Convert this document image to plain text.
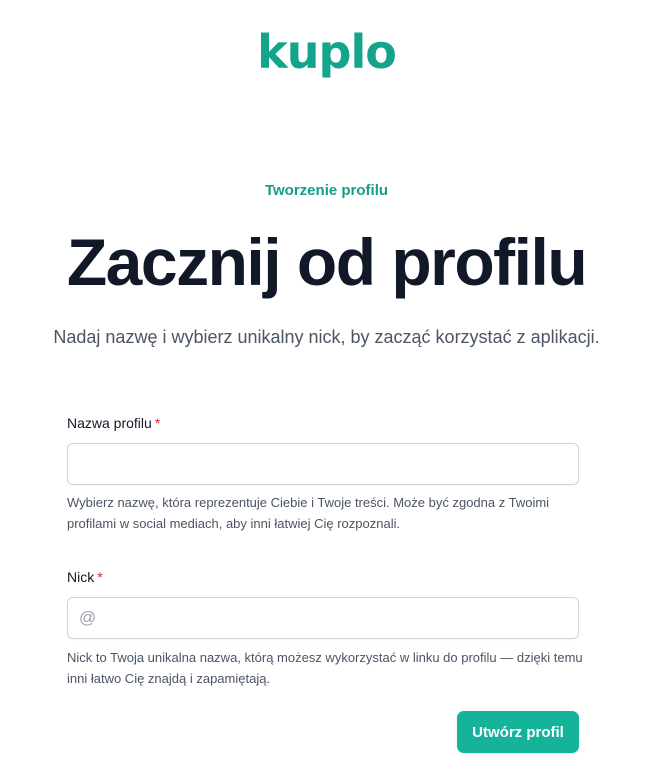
kuplo
Tworzenie profilu
Zacznij od profilu
Nadaj nazwę i wybierz unikalny nick, by zacząć korzystać z aplikacji.
Nazwa profilu *
Wybierz nazwę, która reprezentuje Ciebie i Twoje treści. Może być zgodna z Twoimi profilami w social mediach, aby inni łatwiej Cię rozpoznali.
Nick *
@
Nick to Twoja unikalna nazwa, którą możesz wykorzystać w linku do profilu — dzięki temu inni łatwo Cię znajdą i zapamiętają.
Utwórz profil
